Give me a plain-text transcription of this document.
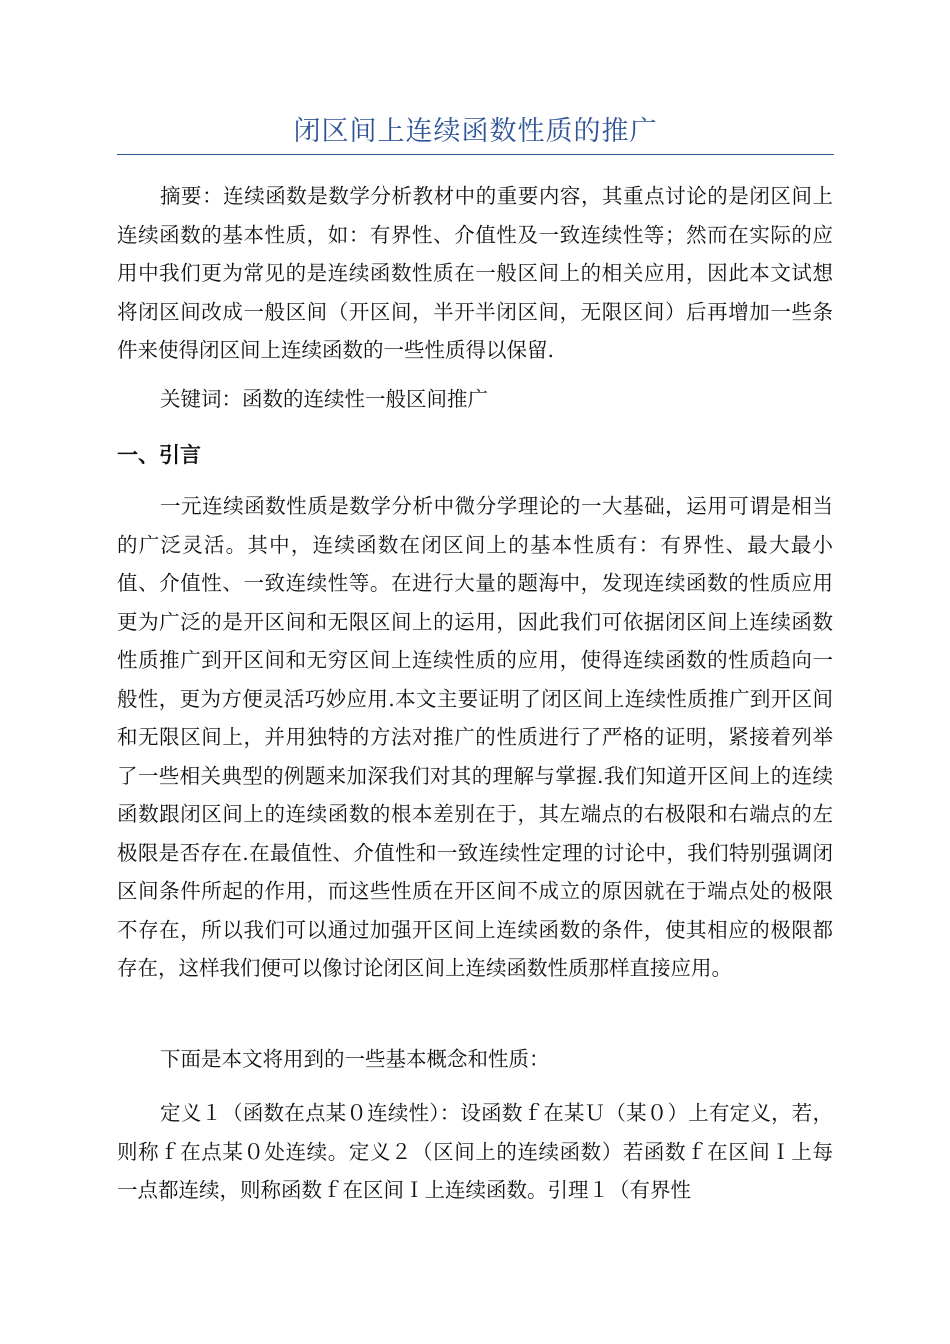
闭区间上连续函数性质的推广

摘要：连续函数是数学分析教材中的重要内容，其重点讨论的是闭区间上连续函数的基本性质，如：有界性、介值性及一致连续性等；然而在实际的应用中我们更为常见的是连续函数性质在一般区间上的相关应用，因此本文试想将闭区间改成一般区间（开区间，半开半闭区间，无限区间）后再增加一些条件来使得闭区间上连续函数的一些性质得以保留.

关键词：函数的连续性一般区间推广

一、引言

一元连续函数性质是数学分析中微分学理论的一大基础，运用可谓是相当的广泛灵活。其中，连续函数在闭区间上的基本性质有：有界性、最大最小值、介值性、一致连续性等。在进行大量的题海中，发现连续函数的性质应用更为广泛的是开区间和无限区间上的运用，因此我们可依据闭区间上连续函数性质推广到开区间和无穷区间上连续性质的应用，使得连续函数的性质趋向一般性，更为方便灵活巧妙应用.本文主要证明了闭区间上连续性质推广到开区间和无限区间上，并用独特的方法对推广的性质进行了严格的证明，紧接着列举了一些相关典型的例题来加深我们对其的理解与掌握.我们知道开区间上的连续函数跟闭区间上的连续函数的根本差别在于，其左端点的右极限和右端点的左极限是否存在.在最值性、介值性和一致连续性定理的讨论中，我们特别强调闭区间条件所起的作用，而这些性质在开区间不成立的原因就在于端点处的极限不存在，所以我们可以通过加强开区间上连续函数的条件，使其相应的极限都存在，这样我们便可以像讨论闭区间上连续函数性质那样直接应用。

下面是本文将用到的一些基本概念和性质：

定义１（函数在点某０连续性）：设函数ｆ在某Ｕ（某０）上有定义，若，则称ｆ在点某０处连续。定义２（区间上的连续函数）若函数ｆ在区间Ｉ上每一点都连续，则称函数ｆ在区间Ｉ上连续函数。引理１（有界性
